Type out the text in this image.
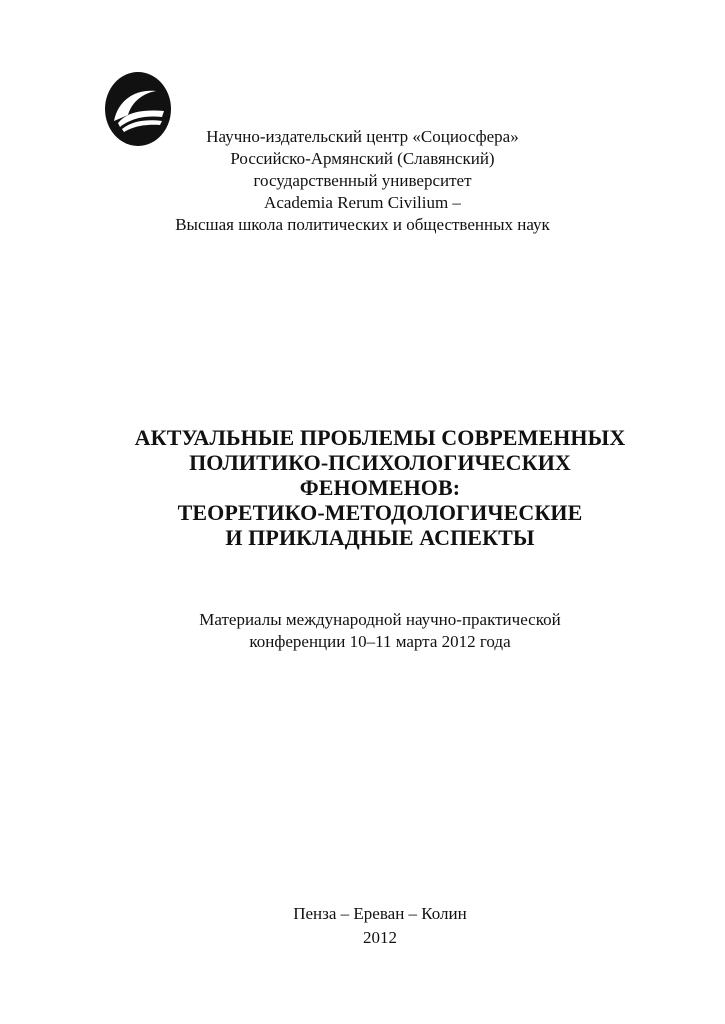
Научно-издательский центр «Социосфера»
Российско-Армянский (Славянский)
государственный университет
Academia Rerum Civilium –
Высшая школа политических и общественных наук
АКТУАЛЬНЫЕ ПРОБЛЕМЫ СОВРЕМЕННЫХ
ПОЛИТИКО-ПСИХОЛОГИЧЕСКИХ
ФЕНОМЕНОВ:
ТЕОРЕТИКО-МЕТОДОЛОГИЧЕСКИЕ
И ПРИКЛАДНЫЕ АСПЕКТЫ
Материалы международной научно-практической
конференции 10–11 марта 2012 года
Пенза – Ереван – Колин
2012
